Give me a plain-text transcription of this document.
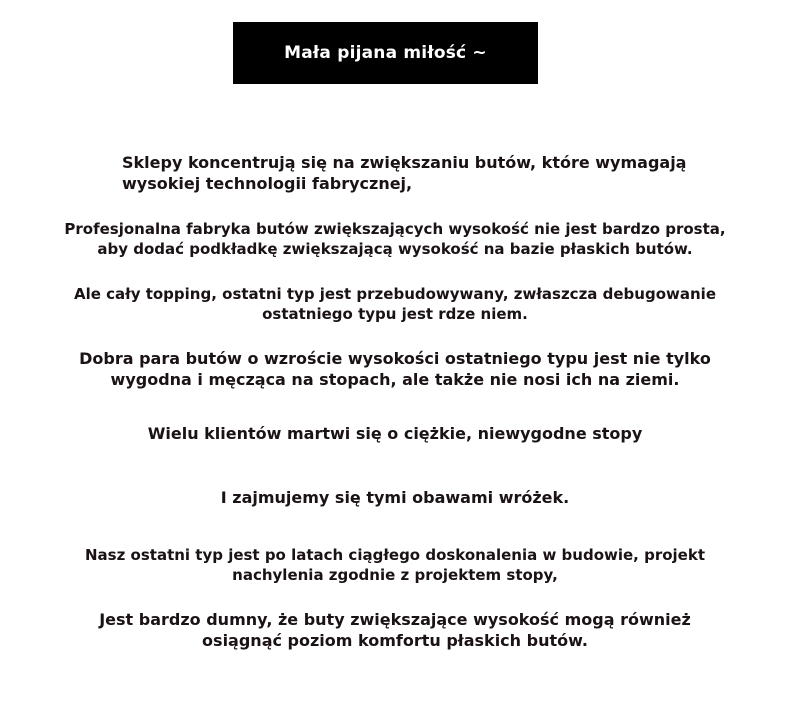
Mała pijana miłość ~
Sklepy koncentrują się na zwiększaniu butów, które wymagają
wysokiej technologii fabrycznej,

Profesjonalna fabryka butów zwiększających wysokość nie jest bardzo prosta,
aby dodać podkładkę zwiększającą wysokość na bazie płaskich butów.

Ale cały topping, ostatni typ jest przebudowywany, zwłaszcza debugowanie
ostatniego typu jest rdze niem.

Dobra para butów o wzroście wysokości ostatniego typu jest nie tylko
wygodna i męcząca na stopach, ale także nie nosi ich na ziemi.

Wielu klientów martwi się o ciężkie, niewygodne stopy

I zajmujemy się tymi obawami wróżek.

Nasz ostatni typ jest po latach ciągłego doskonalenia w budowie, projekt
nachylenia zgodnie z projektem stopy,

Jest bardzo dumny, że buty zwiększające wysokość mogą również
osiągnąć poziom komfortu płaskich butów.
